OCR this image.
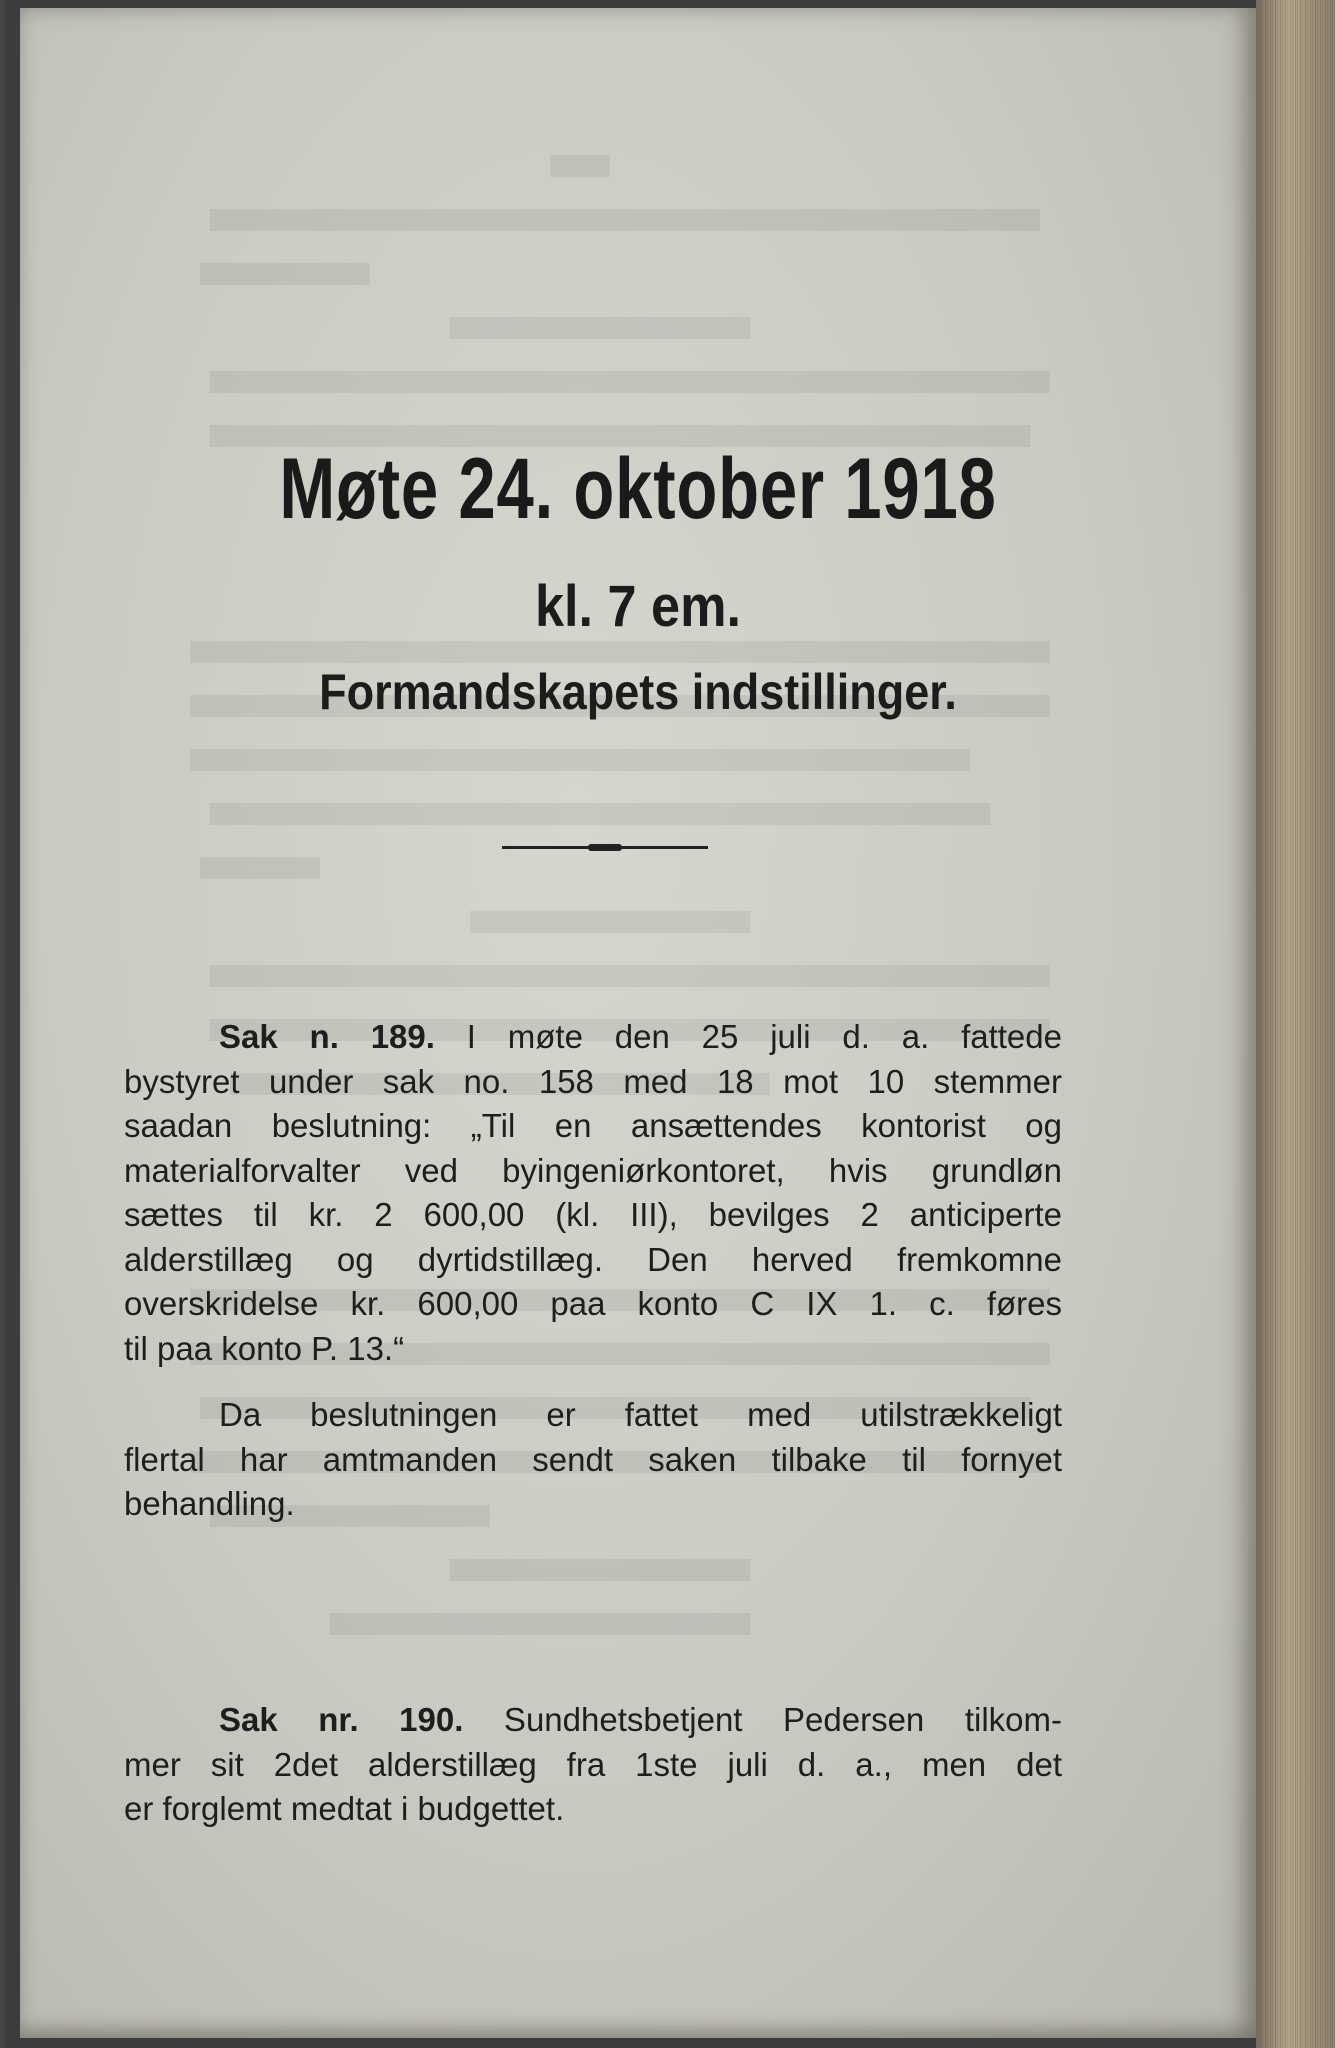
Møte 24. oktober 1918
kl. 7 em.
Formandskapets indstillinger.
Sak n. 189. I møte den 25 juli d. a. fattede
bystyret under sak no. 158 med 18 mot 10 stemmer
saadan beslutning: „Til en ansættendes kontorist og
materialforvalter ved byingeniørkontoret, hvis grundløn
sættes til kr. 2 600,00 (kl. III), bevilges 2 anticiperte
alderstillæg og dyrtidstillæg. Den herved fremkomne
overskridelse kr. 600,00 paa konto C IX 1. c. føres
til paa konto P. 13.“
Da beslutningen er fattet med utilstrækkeligt
flertal har amtmanden sendt saken tilbake til fornyet
behandling.
Sak nr. 190. Sundhetsbetjent Pedersen tilkom-
mer sit 2det alderstillæg fra 1ste juli d. a., men det
er forglemt medtat i budgettet.
